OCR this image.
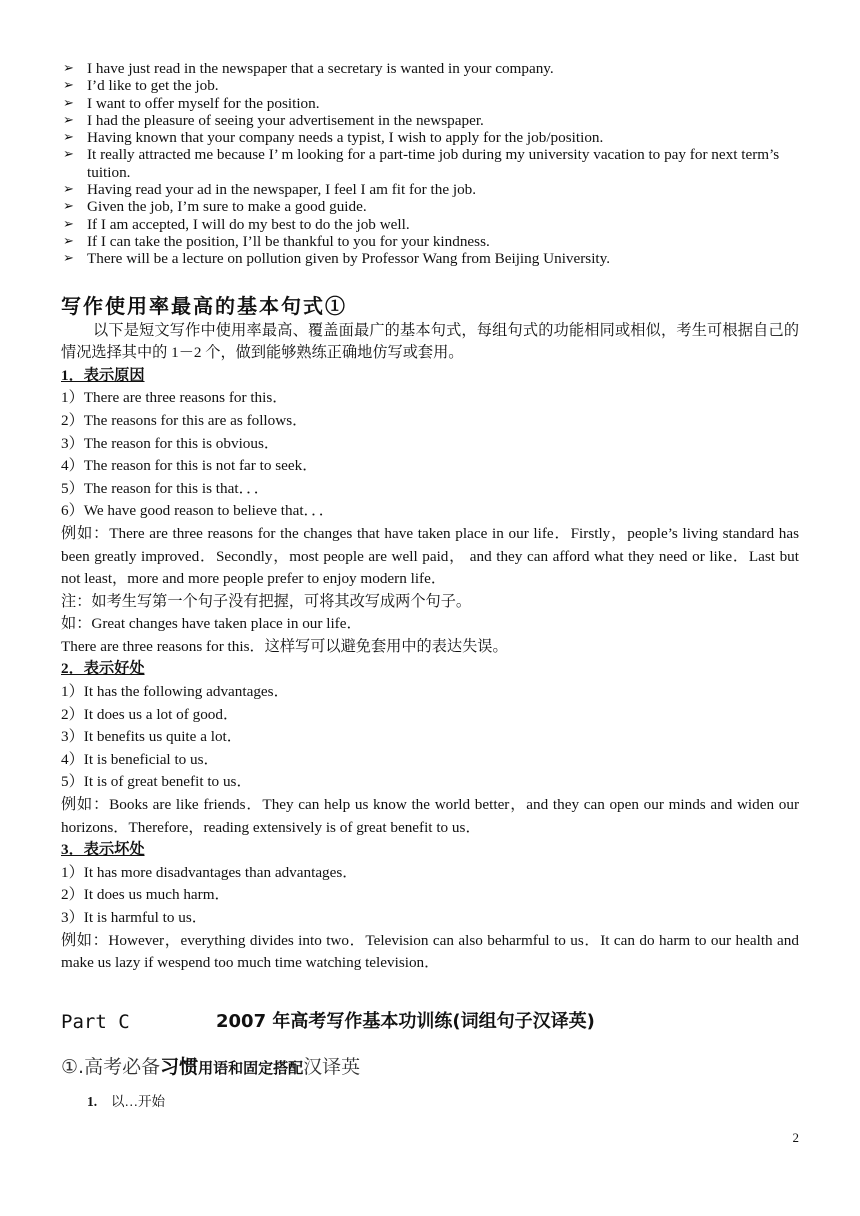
➢ I have just read in the newspaper that a secretary is wanted in your company.
➢ I’d like to get the job.
➢ I want to offer myself for the position.
➢ I had the pleasure of seeing your advertisement in the newspaper.
➢ Having known that your company needs a typist, I wish to apply for the job/position.
➢ It really attracted me because I’ m looking for a part-time job during my university vacation to pay for next term’s tuition.
➢ Having read your ad in the newspaper, I feel I am fit for the job.
➢ Given the job, I’m sure to make a good guide.
➢ If I am accepted, I will do my best to do the job well.
➢ If I can take the position, I’ll be thankful to you for your kindness.
➢ There will be a lecture on pollution given by Professor Wang from Beijing University.
写作使用率最高的基本句式①
以下是短文写作中使用率最高、覆盖面最广的基本句式，每组句式的功能相同或相似，考生可根据自己的情况选择其中的 1－2 个，做到能够熟练正确地仿写或套用。
1．表示原因
1）There are three reasons for this．
2）The reasons for this are as follows．
3）The reason for this is obvious．
4）The reason for this is not far to seek．
5）The reason for this is that．．．
6）We have good reason to believe that．．．
例如：There are three reasons for the changes that have taken place in our life．Firstly，people’s living standard has been greatly improved．Secondly，most people are well paid， and they can afford what they need or like．Last but not least，more and more people prefer to enjoy modern life．
注：如考生写第一个句子没有把握，可将其改写成两个句子。
如：Great changes have taken place in our life．
There are three reasons for this．这样写可以避免套用中的表达失误。
2．表示好处
1）It has the following advantages．
2）It does us a lot of good．
3）It benefits us quite a lot．
4）It is beneficial to us．
5）It is of great benefit to us．
例如：Books are like friends．They can help us know the world better，and they can open our minds and widen our horizons．Therefore，reading extensively is of great benefit to us．
3．表示坏处
1）It has more disadvantages than advantages．
2）It does us much harm．
3）It is harmful to us．
例如：However，everything divides into two．Television can also beharmful to us．It can do harm to our health and make us lazy if wespend too much time watching television．
Part C	2007 年高考写作基本功训练(词组句子汉译英)
①.高考必备习惯用语和固定搭配汉译英
1. 以…开始
2
